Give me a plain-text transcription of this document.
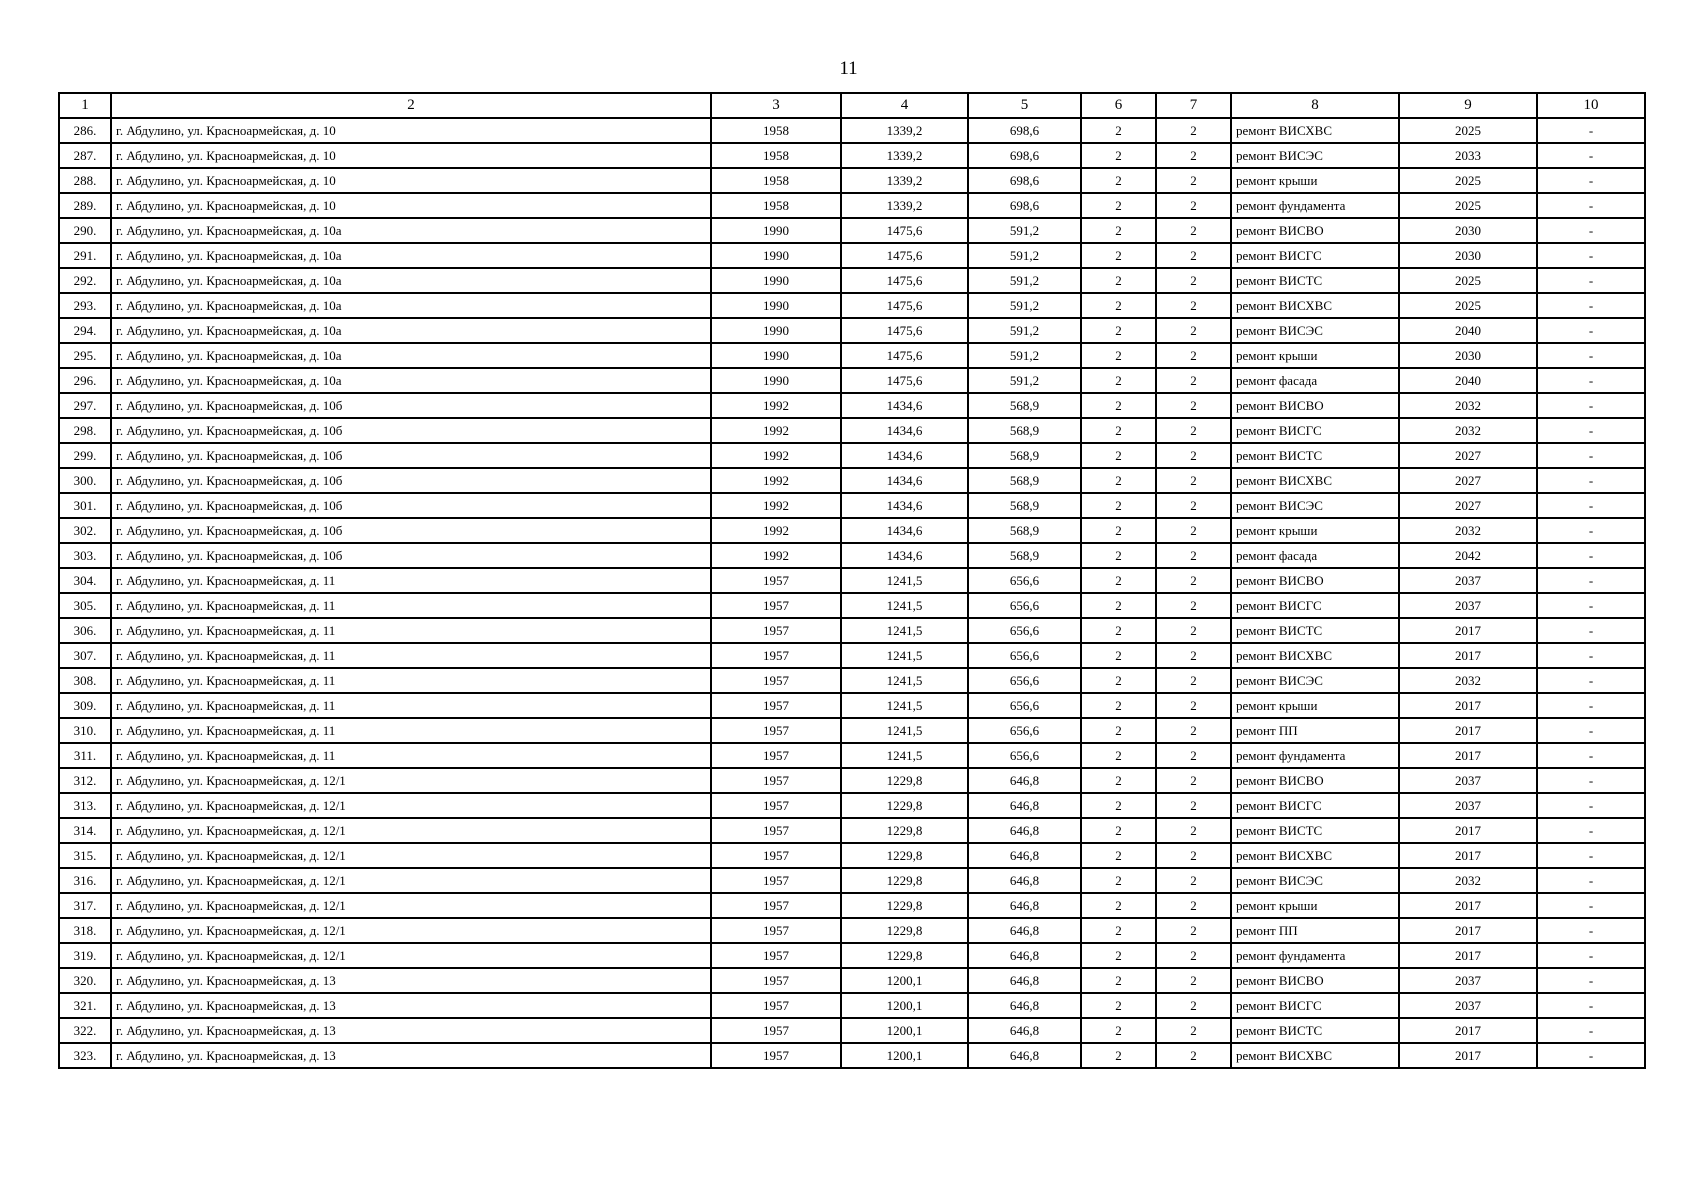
11
1	2	3	4	5	6	7	8	9	10
286.	г. Абдулино, ул. Красноармейская, д. 10	1958	1339,2	698,6	2	2	ремонт ВИСХВС	2025	-
287.	г. Абдулино, ул. Красноармейская, д. 10	1958	1339,2	698,6	2	2	ремонт ВИСЭС	2033	-
288.	г. Абдулино, ул. Красноармейская, д. 10	1958	1339,2	698,6	2	2	ремонт крыши	2025	-
289.	г. Абдулино, ул. Красноармейская, д. 10	1958	1339,2	698,6	2	2	ремонт фундамента	2025	-
290.	г. Абдулино, ул. Красноармейская, д. 10а	1990	1475,6	591,2	2	2	ремонт ВИСВО	2030	-
291.	г. Абдулино, ул. Красноармейская, д. 10а	1990	1475,6	591,2	2	2	ремонт ВИСГС	2030	-
292.	г. Абдулино, ул. Красноармейская, д. 10а	1990	1475,6	591,2	2	2	ремонт ВИСТС	2025	-
293.	г. Абдулино, ул. Красноармейская, д. 10а	1990	1475,6	591,2	2	2	ремонт ВИСХВС	2025	-
294.	г. Абдулино, ул. Красноармейская, д. 10а	1990	1475,6	591,2	2	2	ремонт ВИСЭС	2040	-
295.	г. Абдулино, ул. Красноармейская, д. 10а	1990	1475,6	591,2	2	2	ремонт крыши	2030	-
296.	г. Абдулино, ул. Красноармейская, д. 10а	1990	1475,6	591,2	2	2	ремонт фасада	2040	-
297.	г. Абдулино, ул. Красноармейская, д. 10б	1992	1434,6	568,9	2	2	ремонт ВИСВО	2032	-
298.	г. Абдулино, ул. Красноармейская, д. 10б	1992	1434,6	568,9	2	2	ремонт ВИСГС	2032	-
299.	г. Абдулино, ул. Красноармейская, д. 10б	1992	1434,6	568,9	2	2	ремонт ВИСТС	2027	-
300.	г. Абдулино, ул. Красноармейская, д. 10б	1992	1434,6	568,9	2	2	ремонт ВИСХВС	2027	-
301.	г. Абдулино, ул. Красноармейская, д. 10б	1992	1434,6	568,9	2	2	ремонт ВИСЭС	2027	-
302.	г. Абдулино, ул. Красноармейская, д. 10б	1992	1434,6	568,9	2	2	ремонт крыши	2032	-
303.	г. Абдулино, ул. Красноармейская, д. 10б	1992	1434,6	568,9	2	2	ремонт фасада	2042	-
304.	г. Абдулино, ул. Красноармейская, д. 11	1957	1241,5	656,6	2	2	ремонт ВИСВО	2037	-
305.	г. Абдулино, ул. Красноармейская, д. 11	1957	1241,5	656,6	2	2	ремонт ВИСГС	2037	-
306.	г. Абдулино, ул. Красноармейская, д. 11	1957	1241,5	656,6	2	2	ремонт ВИСТС	2017	-
307.	г. Абдулино, ул. Красноармейская, д. 11	1957	1241,5	656,6	2	2	ремонт ВИСХВС	2017	-
308.	г. Абдулино, ул. Красноармейская, д. 11	1957	1241,5	656,6	2	2	ремонт ВИСЭС	2032	-
309.	г. Абдулино, ул. Красноармейская, д. 11	1957	1241,5	656,6	2	2	ремонт крыши	2017	-
310.	г. Абдулино, ул. Красноармейская, д. 11	1957	1241,5	656,6	2	2	ремонт ПП	2017	-
311.	г. Абдулино, ул. Красноармейская, д. 11	1957	1241,5	656,6	2	2	ремонт фундамента	2017	-
312.	г. Абдулино, ул. Красноармейская, д. 12/1	1957	1229,8	646,8	2	2	ремонт ВИСВО	2037	-
313.	г. Абдулино, ул. Красноармейская, д. 12/1	1957	1229,8	646,8	2	2	ремонт ВИСГС	2037	-
314.	г. Абдулино, ул. Красноармейская, д. 12/1	1957	1229,8	646,8	2	2	ремонт ВИСТС	2017	-
315.	г. Абдулино, ул. Красноармейская, д. 12/1	1957	1229,8	646,8	2	2	ремонт ВИСХВС	2017	-
316.	г. Абдулино, ул. Красноармейская, д. 12/1	1957	1229,8	646,8	2	2	ремонт ВИСЭС	2032	-
317.	г. Абдулино, ул. Красноармейская, д. 12/1	1957	1229,8	646,8	2	2	ремонт крыши	2017	-
318.	г. Абдулино, ул. Красноармейская, д. 12/1	1957	1229,8	646,8	2	2	ремонт ПП	2017	-
319.	г. Абдулино, ул. Красноармейская, д. 12/1	1957	1229,8	646,8	2	2	ремонт фундамента	2017	-
320.	г. Абдулино, ул. Красноармейская, д. 13	1957	1200,1	646,8	2	2	ремонт ВИСВО	2037	-
321.	г. Абдулино, ул. Красноармейская, д. 13	1957	1200,1	646,8	2	2	ремонт ВИСГС	2037	-
322.	г. Абдулино, ул. Красноармейская, д. 13	1957	1200,1	646,8	2	2	ремонт ВИСТС	2017	-
323.	г. Абдулино, ул. Красноармейская, д. 13	1957	1200,1	646,8	2	2	ремонт ВИСХВС	2017	-
